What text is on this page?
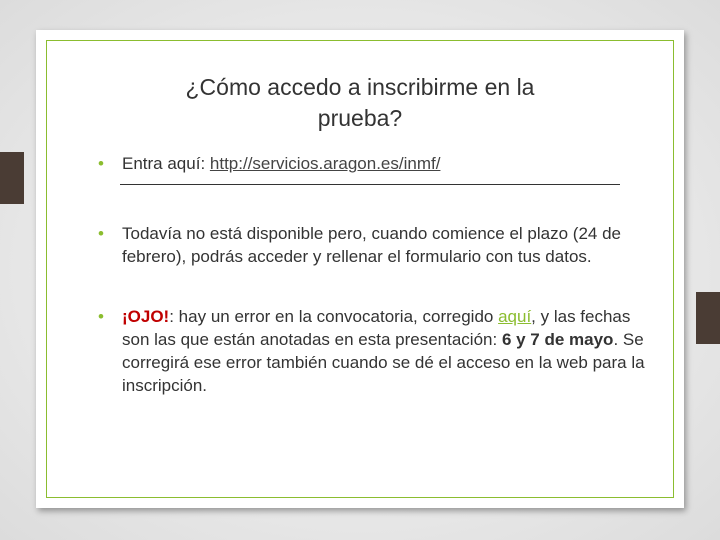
¿Cómo accedo a inscribirme en la
prueba?
•	Entra aquí: http://servicios.aragon.es/inmf/
•	Todavía no está disponible pero, cuando comience el plazo (24 de febrero), podrás acceder y rellenar el formulario con tus datos.
•	¡OJO!: hay un error en la convocatoria, corregido aquí, y las fechas son las que están anotadas en esta presentación: 6 y 7 de mayo. Se corregirá ese error también cuando se dé el acceso en la web para la inscripción.
